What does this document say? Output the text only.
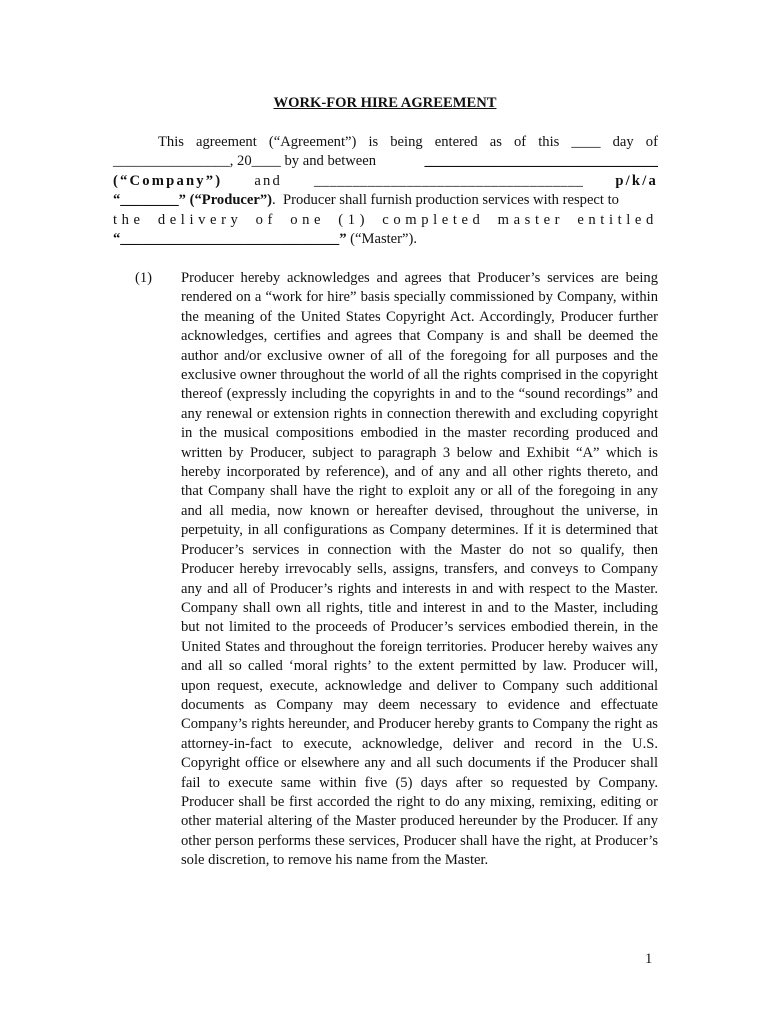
WORK-FOR HIRE AGREEMENT
This agreement (“Agreement”) is being entered as of this ____ day of
________________, 20____ by and between	________________________________
(“Company”) and ___________________________________ p/k/a
“________” (“Producer”) .  Producer shall furnish production services with respect to
the delivery of one (1) completed master entitled
“______________________________” (“Master”).
(1) Producer hereby acknowledges and agrees that Producer’s services are being rendered on a “work for hire” basis specially commissioned by Company, within the meaning of the United States Copyright Act. Accordingly, Producer further acknowledges, certifies and agrees that Company is and shall be deemed the author and/or exclusive owner of all of the foregoing for all purposes and the exclusive owner throughout the world of all the rights comprised in the copyright thereof (expressly including the copyrights in and to the “sound recordings” and any renewal or extension rights in connection therewith and excluding copyright in the musical compositions embodied in the master recording produced and written by Producer, subject to paragraph 3 below and Exhibit “A” which is hereby incorporated by reference), and of any and all other rights thereto, and that Company shall have the right to exploit any or all of the foregoing in any and all media, now known or hereafter devised, throughout the universe, in perpetuity, in all configurations as Company determines. If it is determined that Producer’s services in connection with the Master do not so qualify, then Producer hereby irrevocably sells, assigns, transfers, and conveys to Company any and all of Producer’s rights and interests in and with respect to the Master. Company shall own all rights, title and interest in and to the Master, including but not limited to the proceeds of Producer’s services embodied therein, in the United States and throughout the foreign territories. Producer hereby waives any and all so called ‘moral rights’ to the extent permitted by law. Producer will, upon request, execute, acknowledge and deliver to Company such additional documents as Company may deem necessary to evidence and effectuate Company’s rights hereunder, and Producer hereby grants to Company the right as attorney-in-fact to execute, acknowledge, deliver and record in the U.S. Copyright office or elsewhere any and all such documents if the Producer shall fail to execute same within five (5) days after so requested by Company. Producer shall be first accorded the right to do any mixing, remixing, editing or other material altering of the Master produced hereunder by the Producer. If any other person performs these services, Producer shall have the right, at Producer’s sole discretion, to remove his name from the Master.
1
